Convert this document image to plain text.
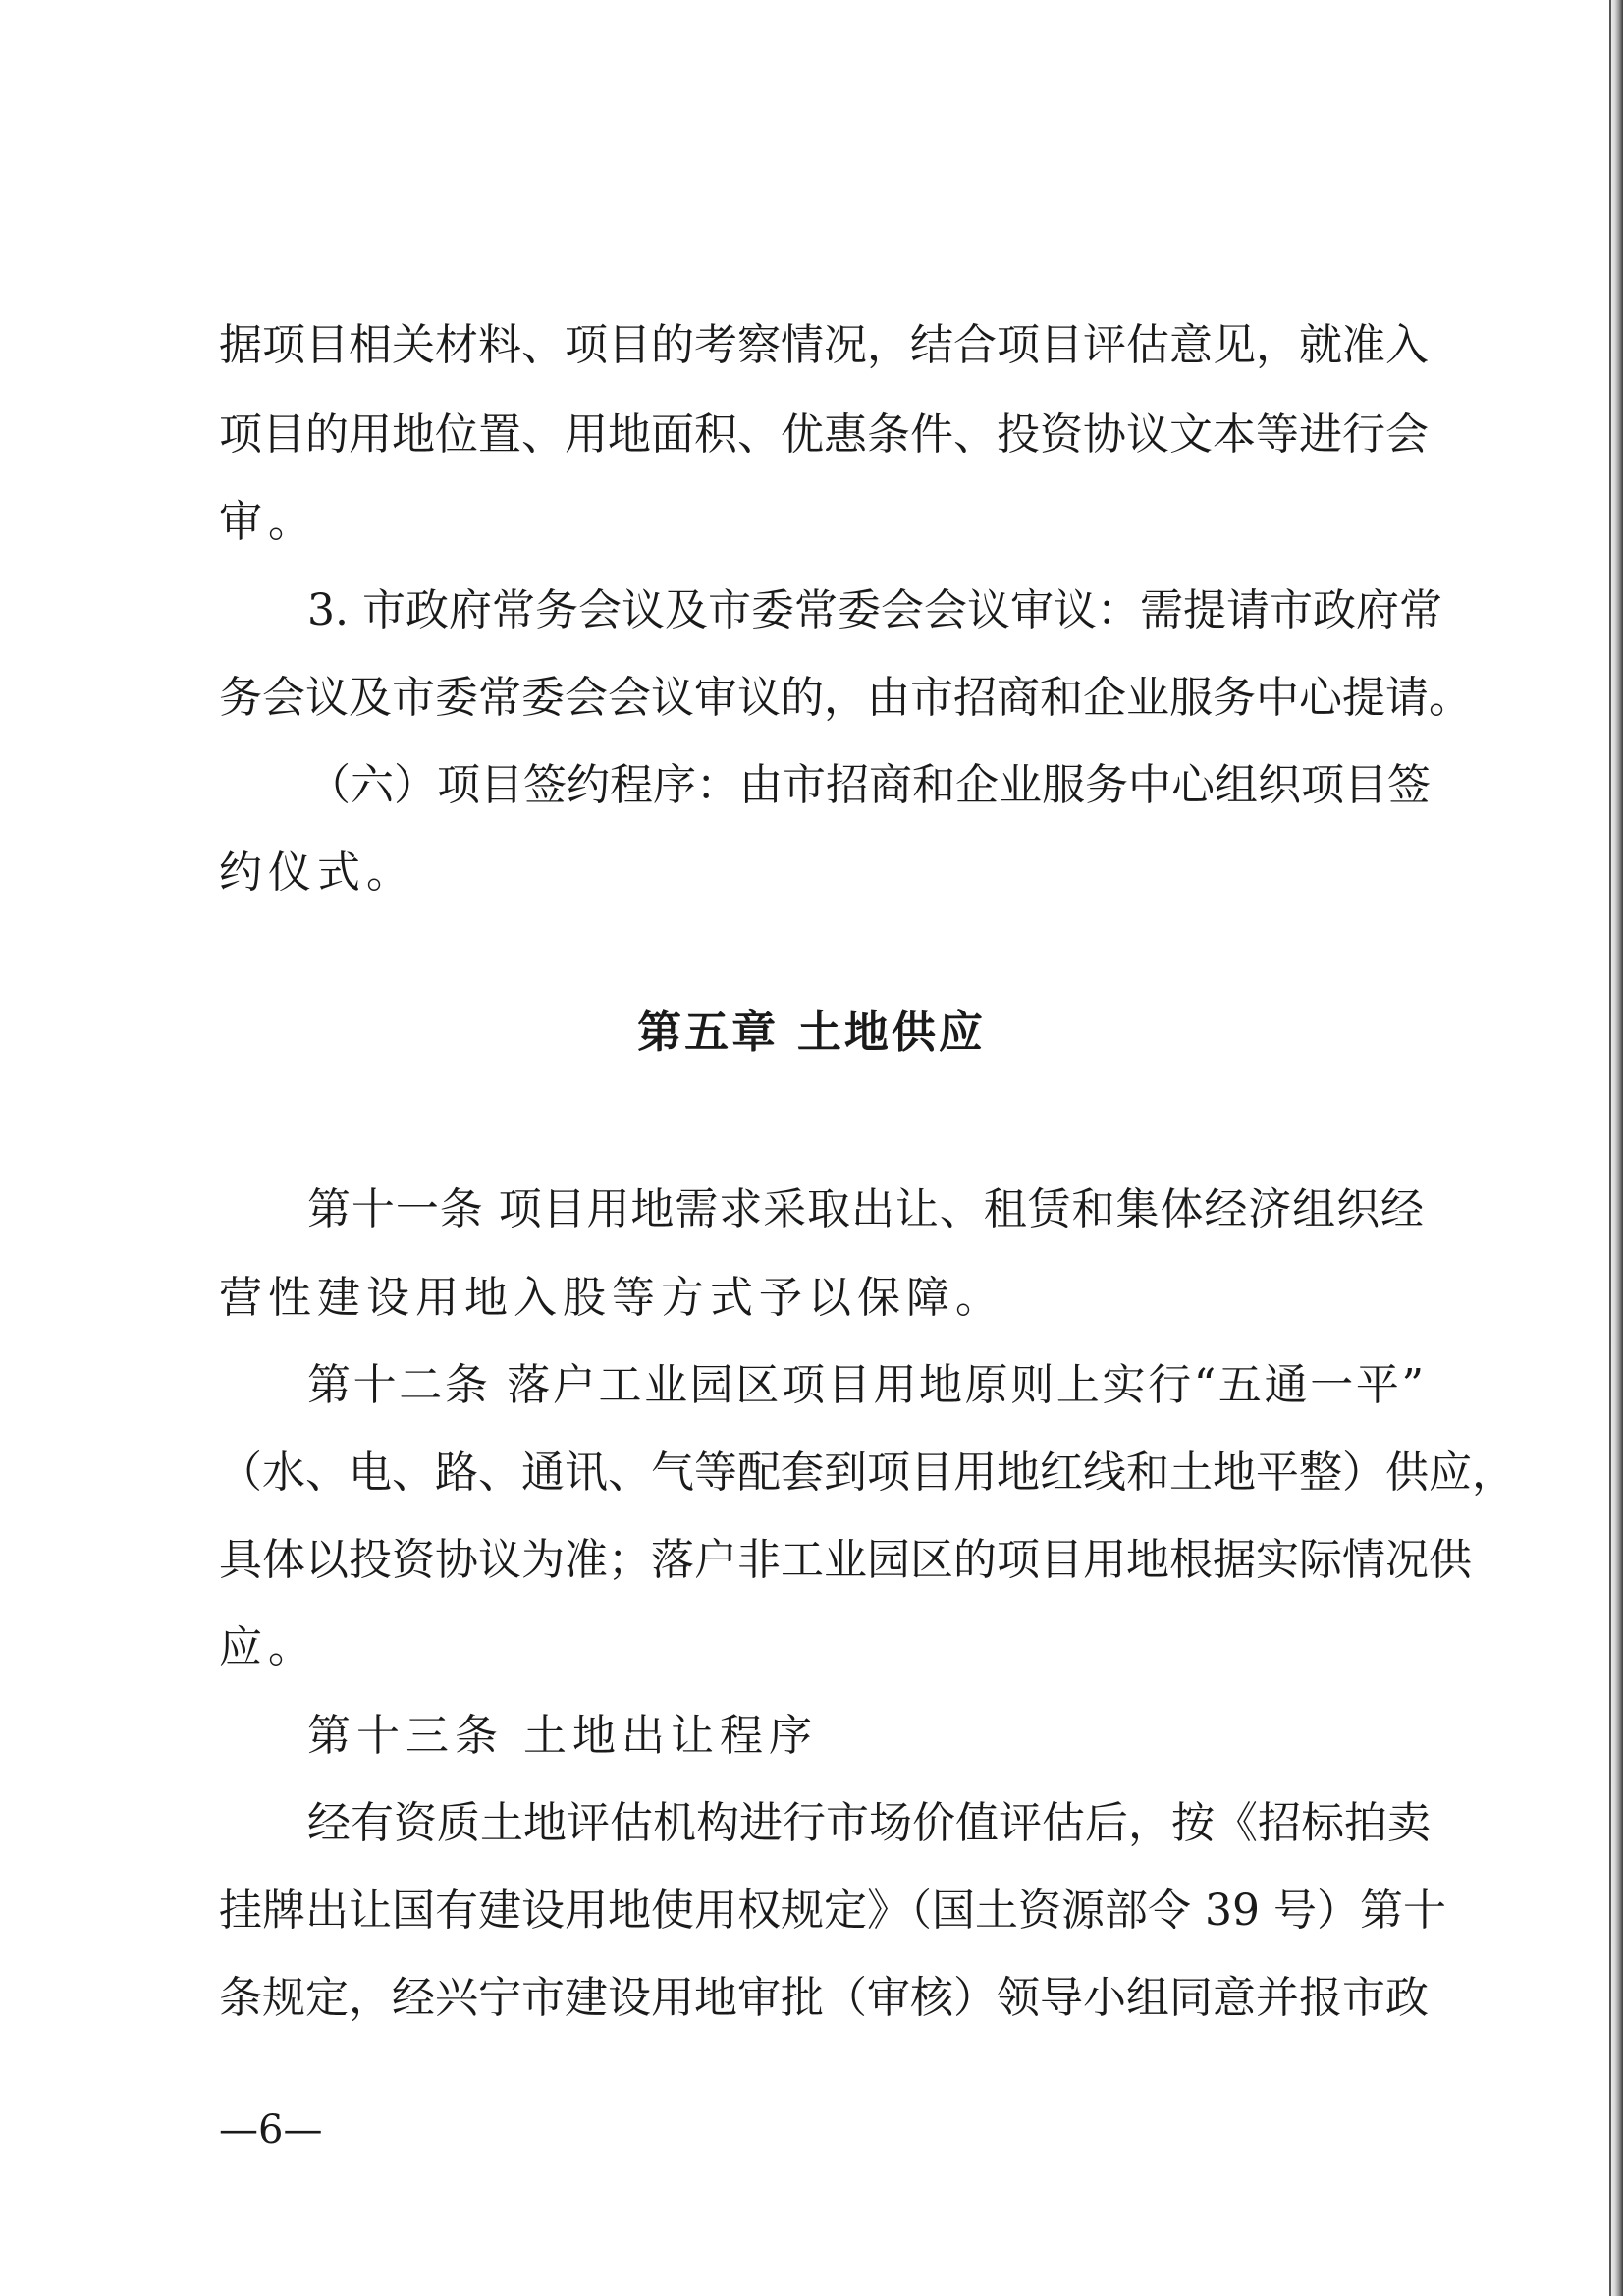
据项目相关材料、项目的考察情况，结合项目评估意见，就准入

项目的用地位置、用地面积、优惠条件、投资协议文本等进行会

审。

3. 市政府常务会议及市委常委会会议审议：需提请市政府常

务会议及市委常委会会议审议的，由市招商和企业服务中心提请。

（六）项目签约程序：由市招商和企业服务中心组织项目签

约仪式。

第五章 土地供应

第十一条 项目用地需求采取出让、租赁和集体经济组织经

营性建设用地入股等方式予以保障。

第十二条 落户工业园区项目用地原则上实行“五通一平”

（水、电、路、通讯、气等配套到项目用地红线和土地平整）供应，

具体以投资协议为准；落户非工业园区的项目用地根据实际情况供

应。

第十三条 土地出让程序

经有资质土地评估机构进行市场价值评估后，按《招标拍卖

挂牌出让国有建设用地使用权规定》（国土资源部令 39 号）第十

条规定，经兴宁市建设用地审批（审核）领导小组同意并报市政

—6—
